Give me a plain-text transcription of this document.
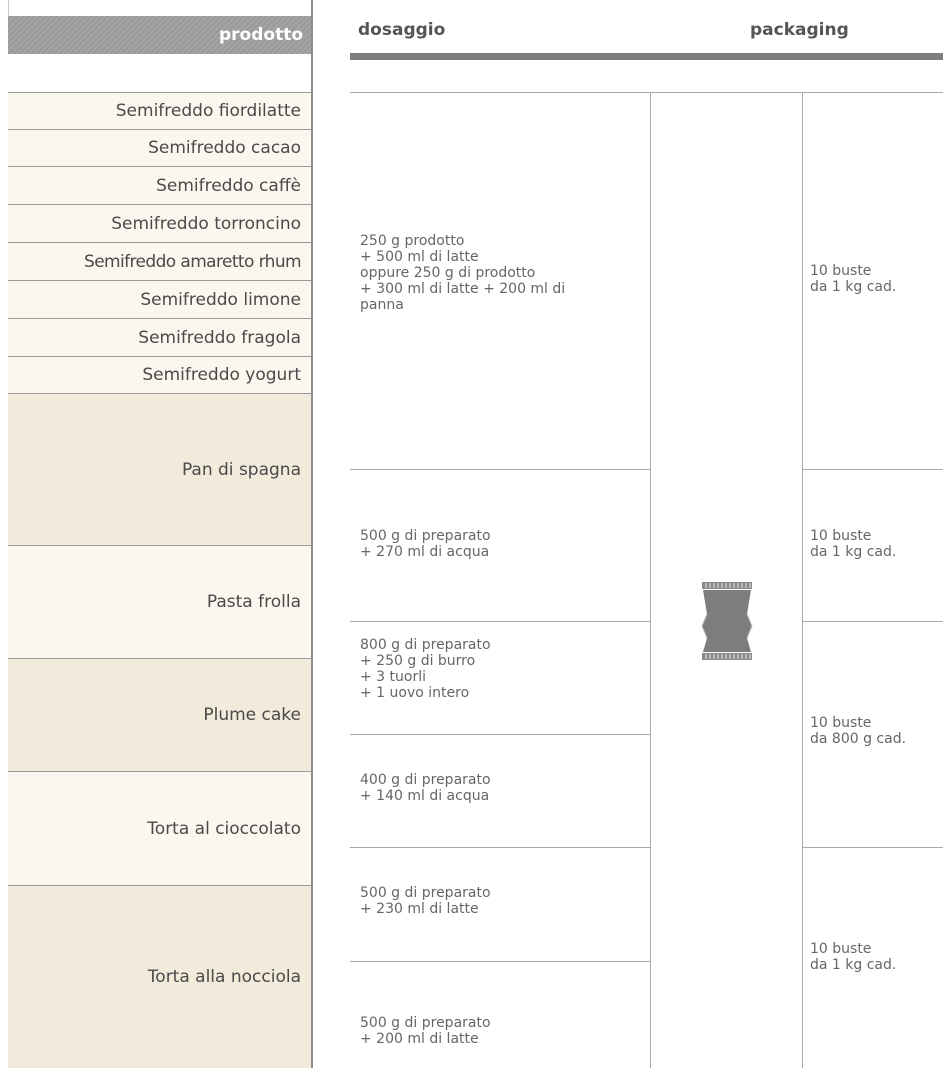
prodotto
Semifreddo fiordilatte
Semifreddo cacao
Semifreddo caffè
Semifreddo torroncino
Semifreddo amaretto rhum
Semifreddo limone
Semifreddo fragola
Semifreddo yogurt
Pan di spagna
Pasta frolla
Plume cake
Torta al cioccolato
Torta alla nocciola
dosaggio	packaging
250 g prodotto
+ 500 ml di latte
oppure 250 g di prodotto
+ 300 ml di latte + 200 ml di
panna
500 g di preparato
+ 270 ml di acqua
800 g di preparato
+ 250 g di burro
+ 3 tuorli
+ 1 uovo intero
400 g di preparato
+ 140 ml di acqua
500 g di preparato
+ 230 ml di latte
500 g di preparato
+ 200 ml di latte
10 buste
da 1 kg cad.
10 buste
da 1 kg cad.
10 buste
da 800 g cad.
10 buste
da 1 kg cad.
